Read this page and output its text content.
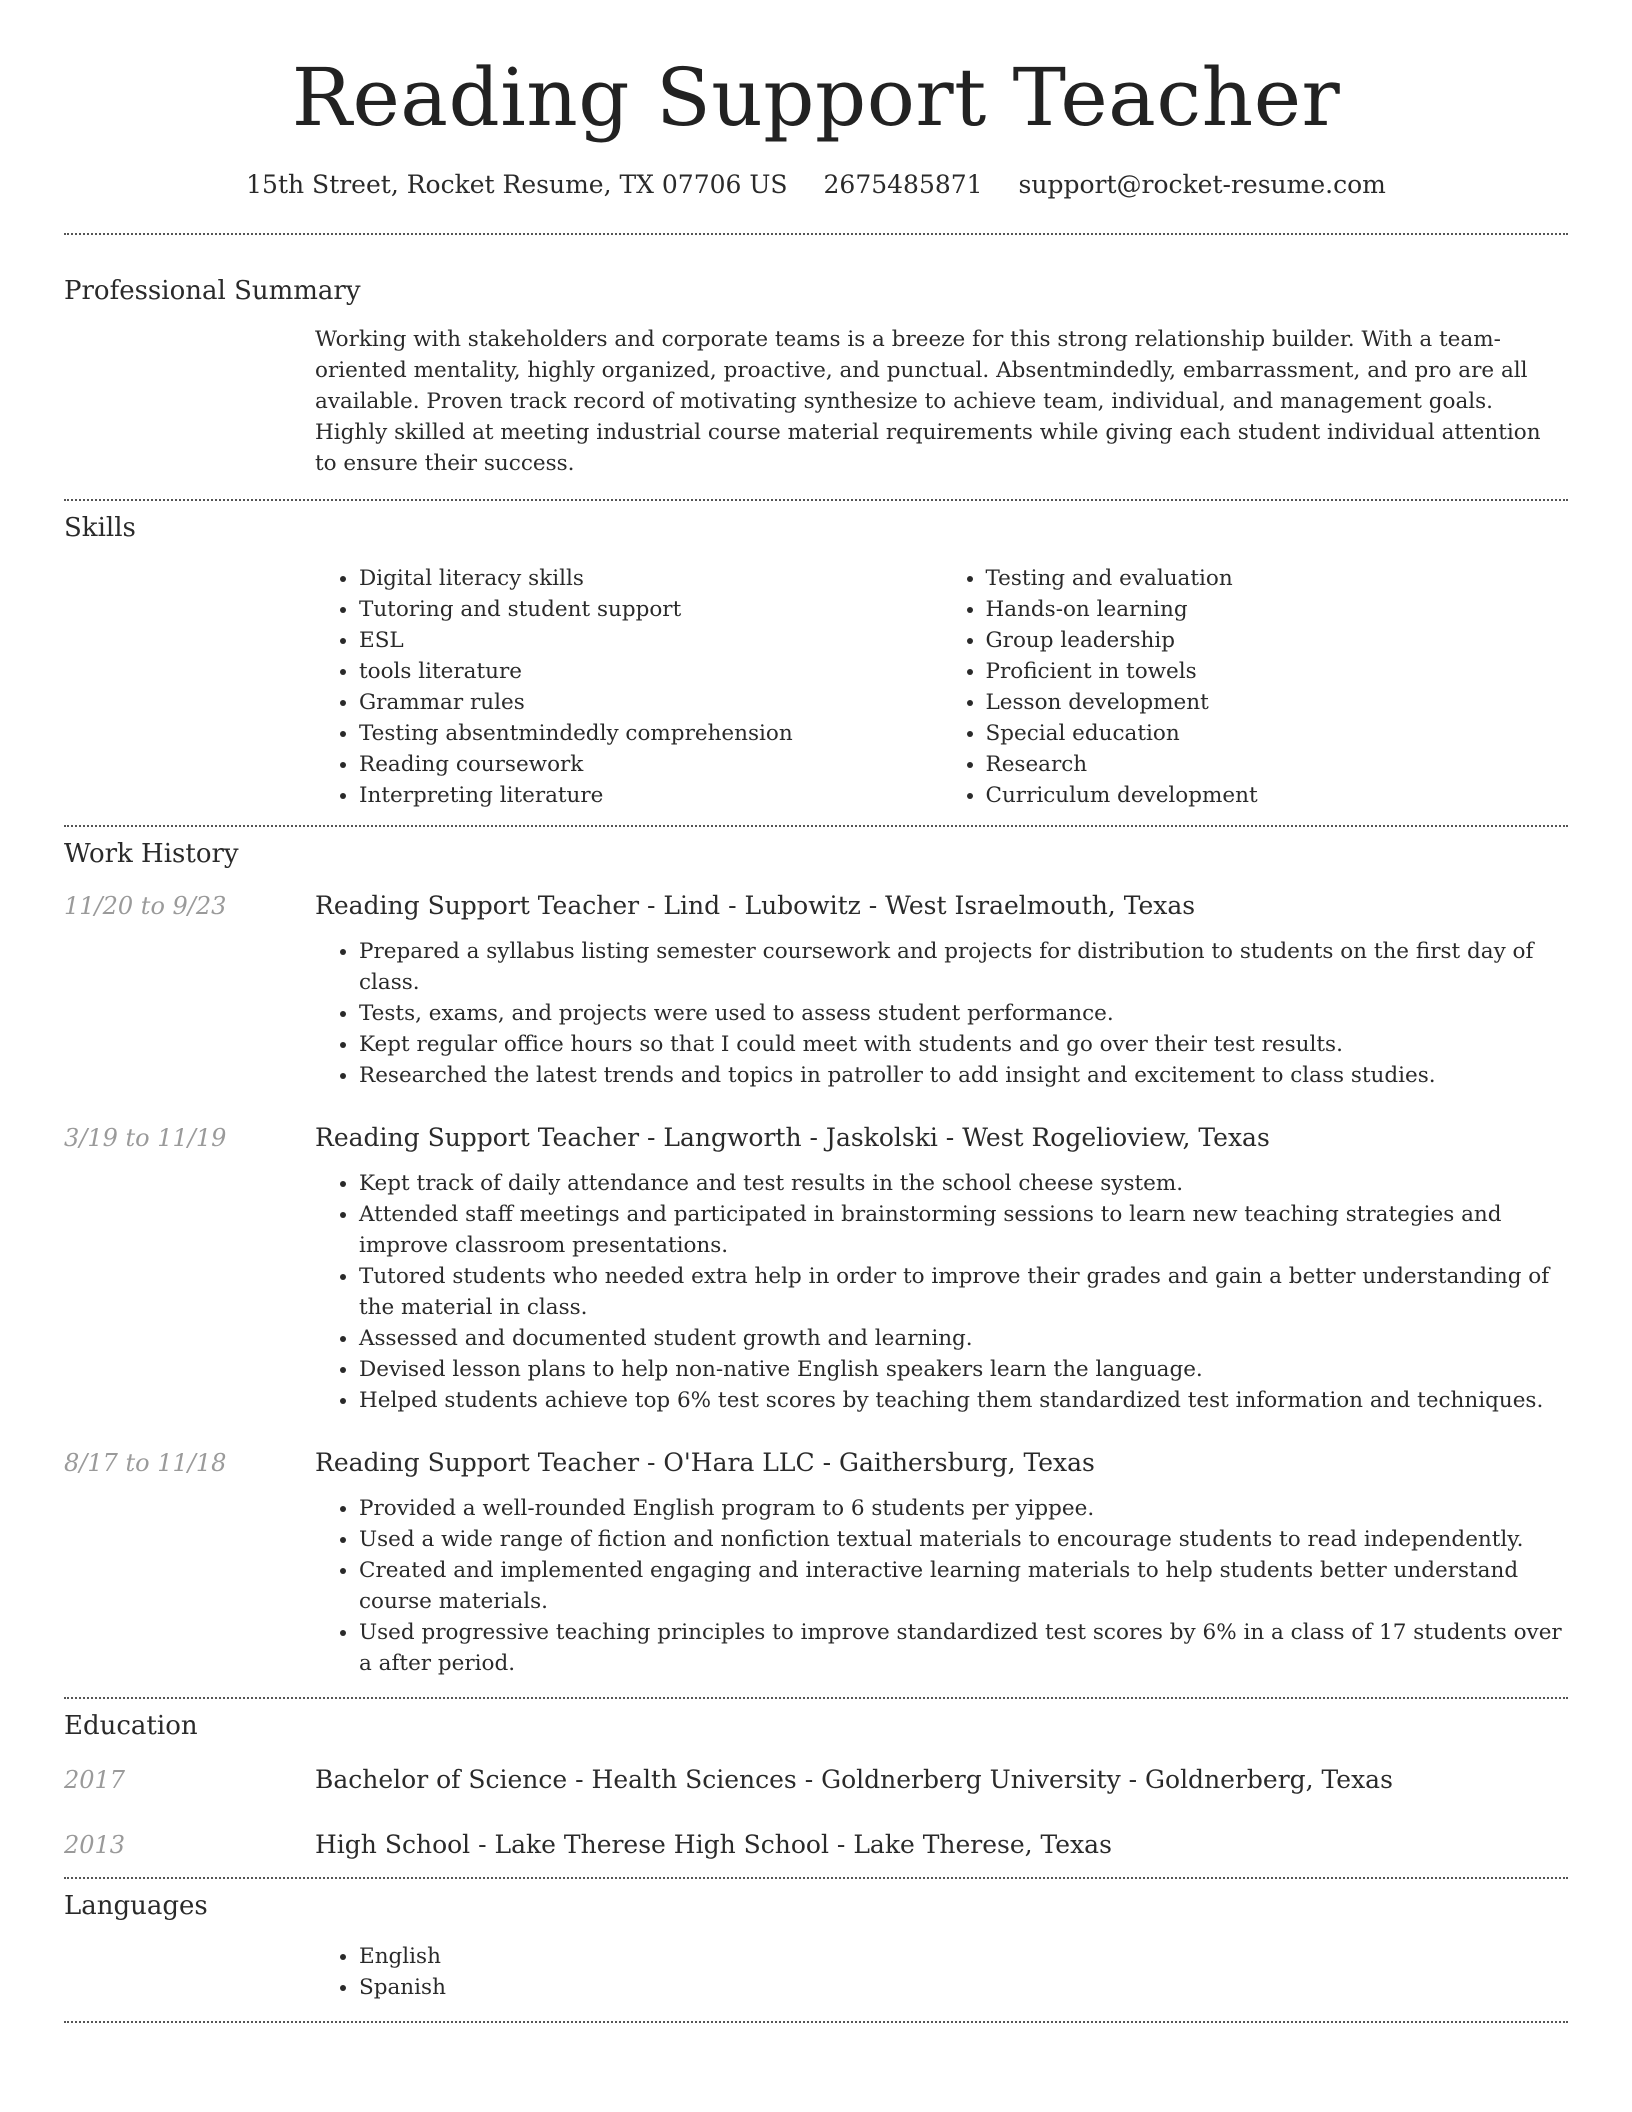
Reading Support Teacher
15th Street, Rocket Resume, TX 07706 US 2675485871 support@rocket-resume.com
Professional Summary

Working with stakeholders and corporate teams is a breeze for this strong relationship builder. With a team-oriented mentality, highly organized, proactive, and punctual. Absentmindedly, embarrassment, and pro are all available. Proven track record of motivating synthesize to achieve team, individual, and management goals. Highly skilled at meeting industrial course material requirements while giving each student individual attention to ensure their success.

Skills
• Digital literacy skills
• Tutoring and student support
• ESL
• tools literature
• Grammar rules
• Testing absentmindedly comprehension
• Reading coursework
• Interpreting literature
• Testing and evaluation
• Hands-on learning
• Group leadership
• Proficient in towels
• Lesson development
• Special education
• Research
• Curriculum development
Work History
11/20 to 9/23	Reading Support Teacher - Lind - Lubowitz - West Israelmouth, Texas
• Prepared a syllabus listing semester coursework and projects for distribution to students on the first day of class.
• Tests, exams, and projects were used to assess student performance.
• Kept regular office hours so that I could meet with students and go over their test results.
• Researched the latest trends and topics in patroller to add insight and excitement to class studies.
3/19 to 11/19	Reading Support Teacher - Langworth - Jaskolski - West Rogelioview, Texas
• Kept track of daily attendance and test results in the school cheese system.
• Attended staff meetings and participated in brainstorming sessions to learn new teaching strategies and improve classroom presentations.
• Tutored students who needed extra help in order to improve their grades and gain a better understanding of the material in class.
• Assessed and documented student growth and learning.
• Devised lesson plans to help non-native English speakers learn the language.
• Helped students achieve top 6% test scores by teaching them standardized test information and techniques.
8/17 to 11/18	Reading Support Teacher - O'Hara LLC - Gaithersburg, Texas
• Provided a well-rounded English program to 6 students per yippee.
• Used a wide range of fiction and nonfiction textual materials to encourage students to read independently.
• Created and implemented engaging and interactive learning materials to help students better understand course materials.
• Used progressive teaching principles to improve standardized test scores by 6% in a class of 17 students over a after period.
Education
2017	Bachelor of Science - Health Sciences - Goldnerberg University - Goldnerberg, Texas
2013	High School - Lake Therese High School - Lake Therese, Texas
Languages
• English
• Spanish
